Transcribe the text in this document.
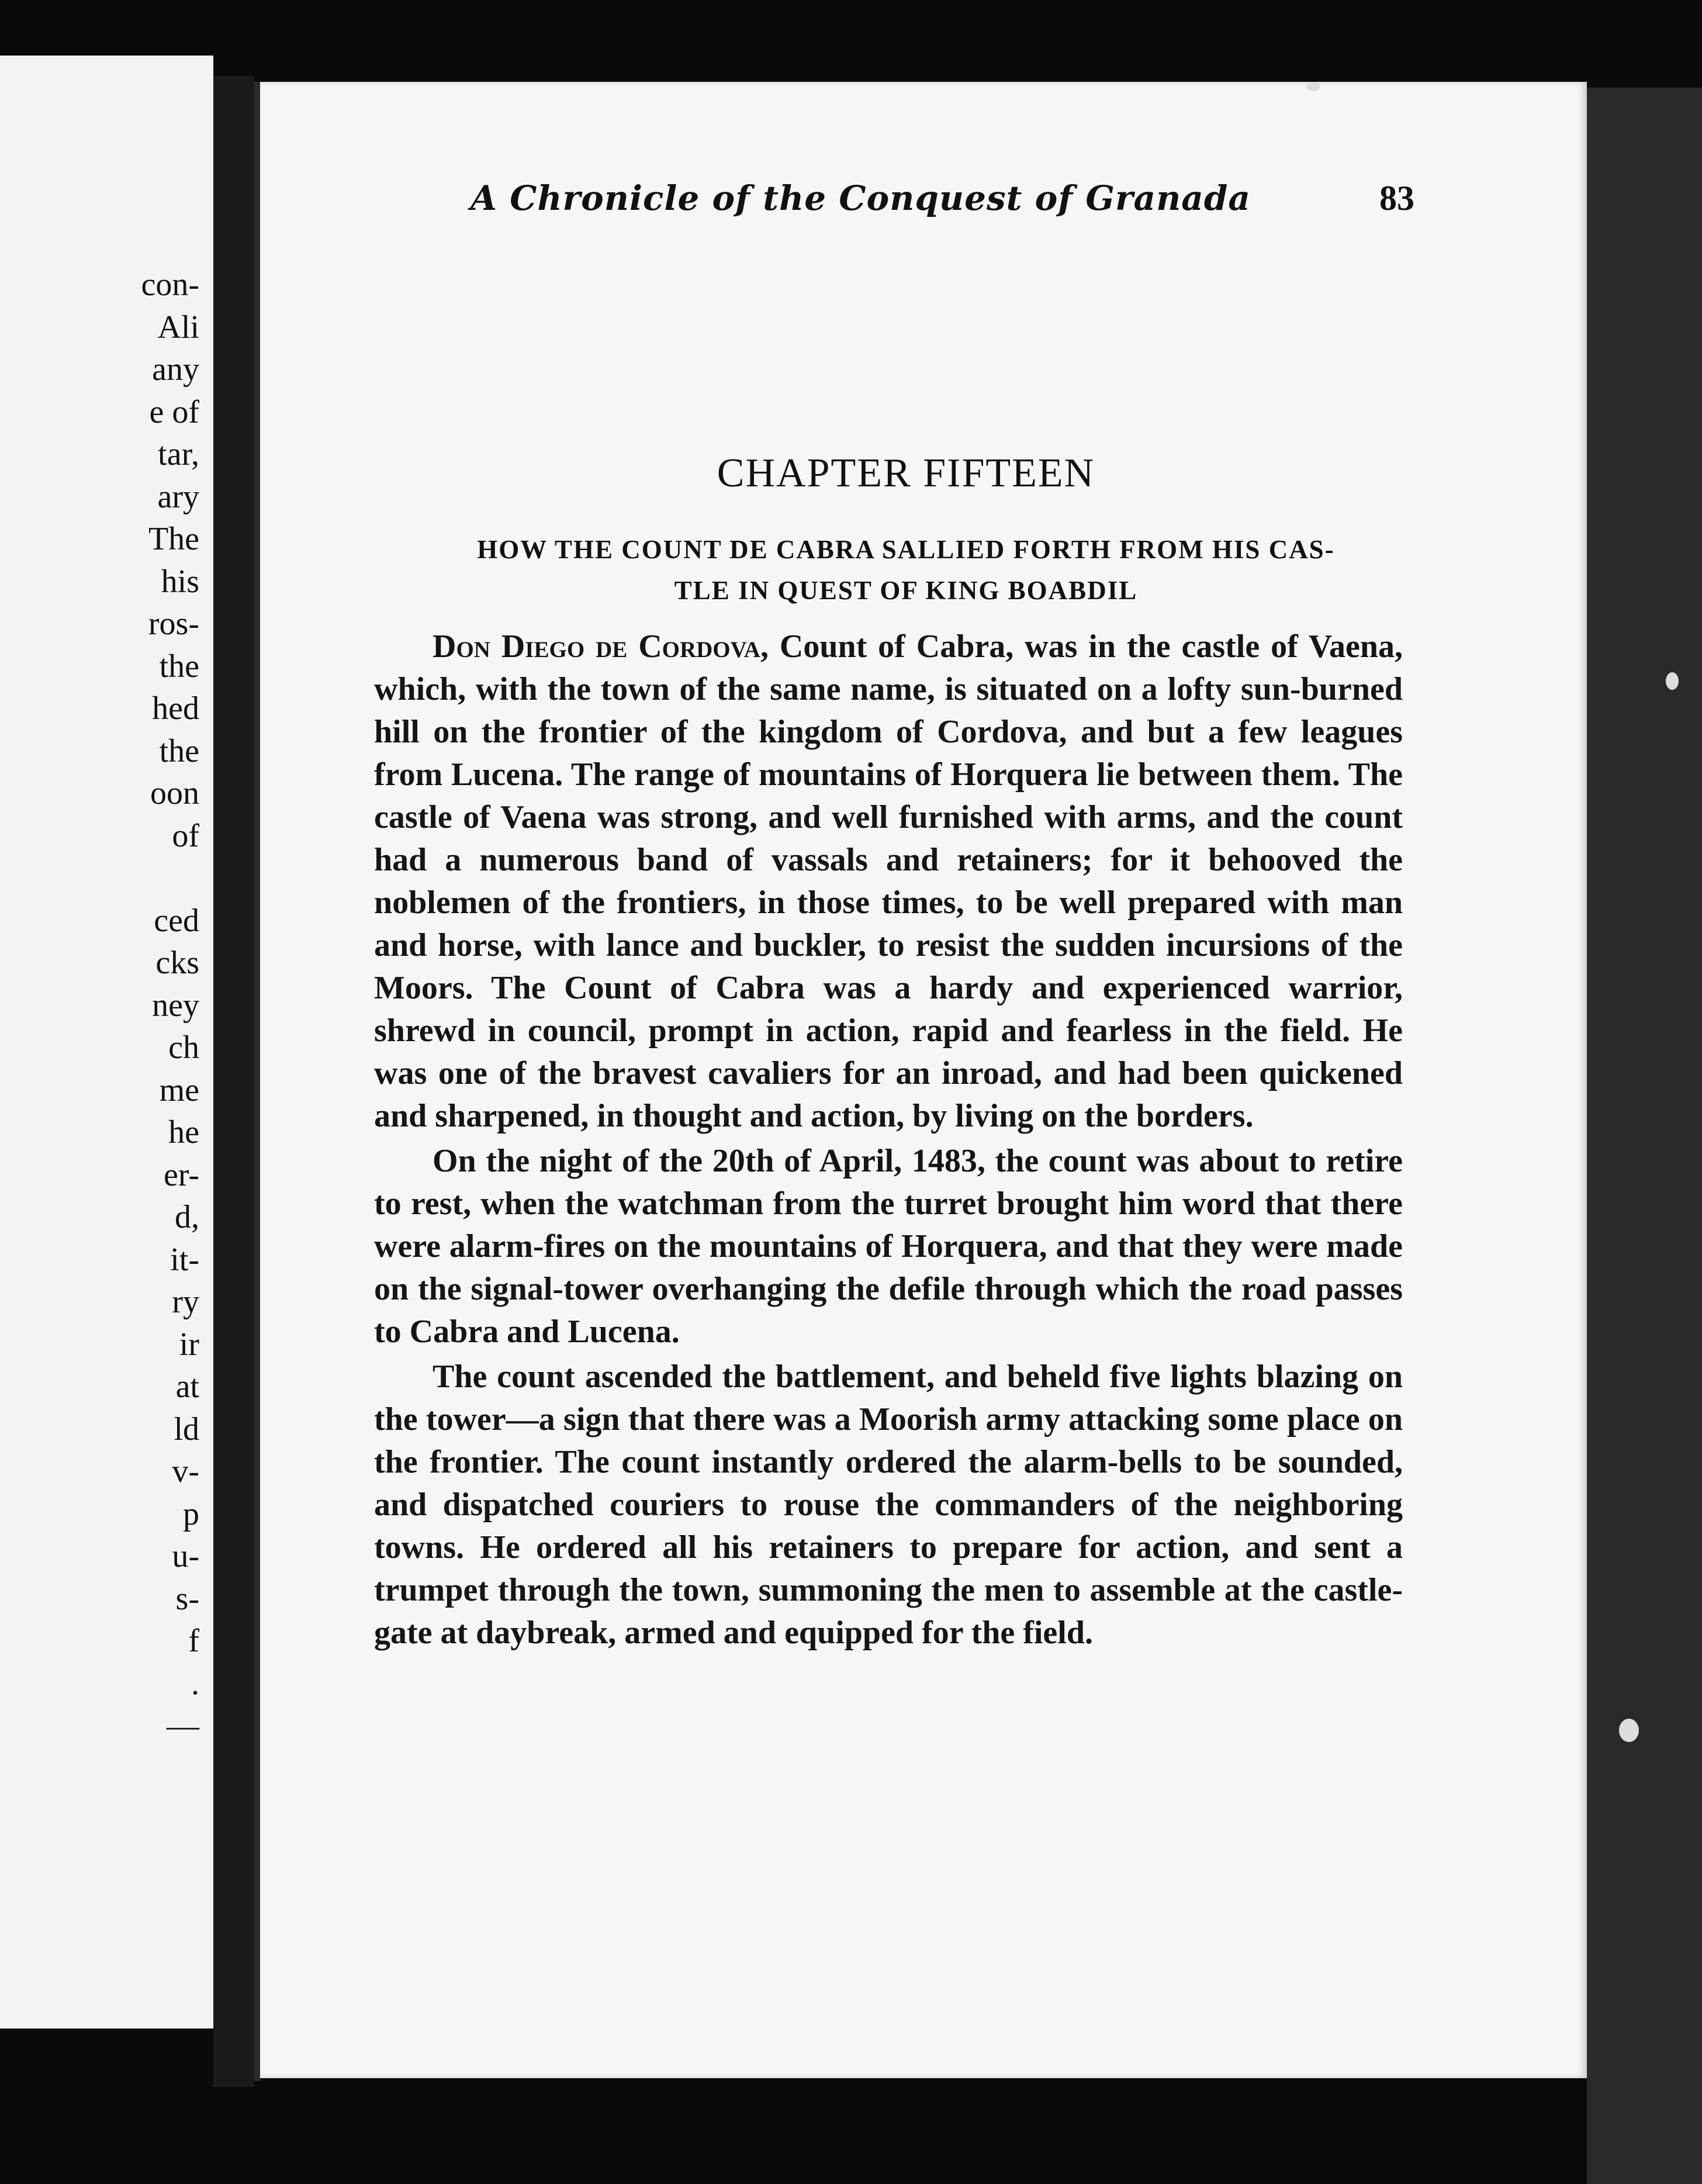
con-
Ali
any
e of
tar,
ary
The
his
ros-
the
hed
the
oon
of
ced
cks
ney
ch
me
he
er-
d,
it-
ry
ir
at
ld
v-
p
u-
s-
f
.
—
A Chronicle of the Conquest of Granada	83
CHAPTER FIFTEEN
HOW THE COUNT DE CABRA SALLIED FORTH FROM HIS CAS-
TLE IN QUEST OF KING BOABDIL

Don Diego de Cordova, Count of Cabra, was in the castle of Vaena, which, with the town of the same name, is situated on a lofty sun-burned hill on the frontier of the kingdom of Cordova, and but a few leagues from Lucena. The range of mountains of Horquera lie between them. The castle of Vaena was strong, and well furnished with arms, and the count had a numerous band of vassals and retainers; for it behooved the noblemen of the frontiers, in those times, to be well prepared with man and horse, with lance and buckler, to resist the sudden incursions of the Moors. The Count of Cabra was a hardy and experienced warrior, shrewd in council, prompt in action, rapid and fearless in the field. He was one of the bravest cavaliers for an inroad, and had been quickened and sharpened, in thought and action, by living on the borders.

On the night of the 20th of April, 1483, the count was about to retire to rest, when the watchman from the turret brought him word that there were alarm-fires on the mountains of Horquera, and that they were made on the signal-tower overhanging the defile through which the road passes to Cabra and Lucena.

The count ascended the battlement, and beheld five lights blazing on the tower—a sign that there was a Moorish army attacking some place on the frontier. The count instantly ordered the alarm-bells to be sounded, and dispatched couriers to rouse the commanders of the neighboring towns. He ordered all his retainers to prepare for action, and sent a trumpet through the town, summoning the men to assemble at the castle-gate at daybreak, armed and equipped for the field.
